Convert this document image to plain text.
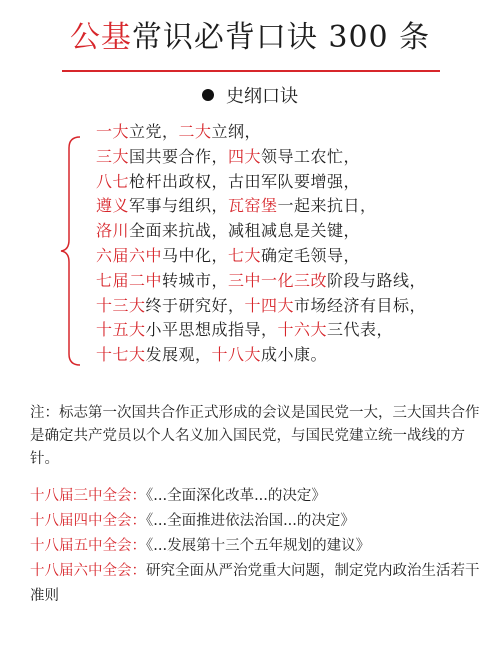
公基常识必背口诀 300 条
史纲口诀
一大立党，二大立纲，
三大国共要合作，四大领导工农忙，
八七枪杆出政权，古田军队要增强，
遵义军事与组织，瓦窑堡一起来抗日，
洛川全面来抗战，减租减息是关键，
六届六中马中化，七大确定毛领导，
七届二中转城市，三中一化三改阶段与路线，
十三大终于研究好，十四大市场经济有目标，
十五大小平思想成指导，十六大三代表，
十七大发展观，十八大成小康。
注：标志第一次国共合作正式形成的会议是国民党一大，三大国共合作是确定共产党员以个人名义加入国民党，与国民党建立统一战线的方针。
十八届三中全会：《...全面深化改革...的决定》
十八届四中全会：《...全面推进依法治国...的决定》
十八届五中全会：《...发展第十三个五年规划的建议》
十八届六中全会：研究全面从严治党重大问题，制定党内政治生活若干准则
